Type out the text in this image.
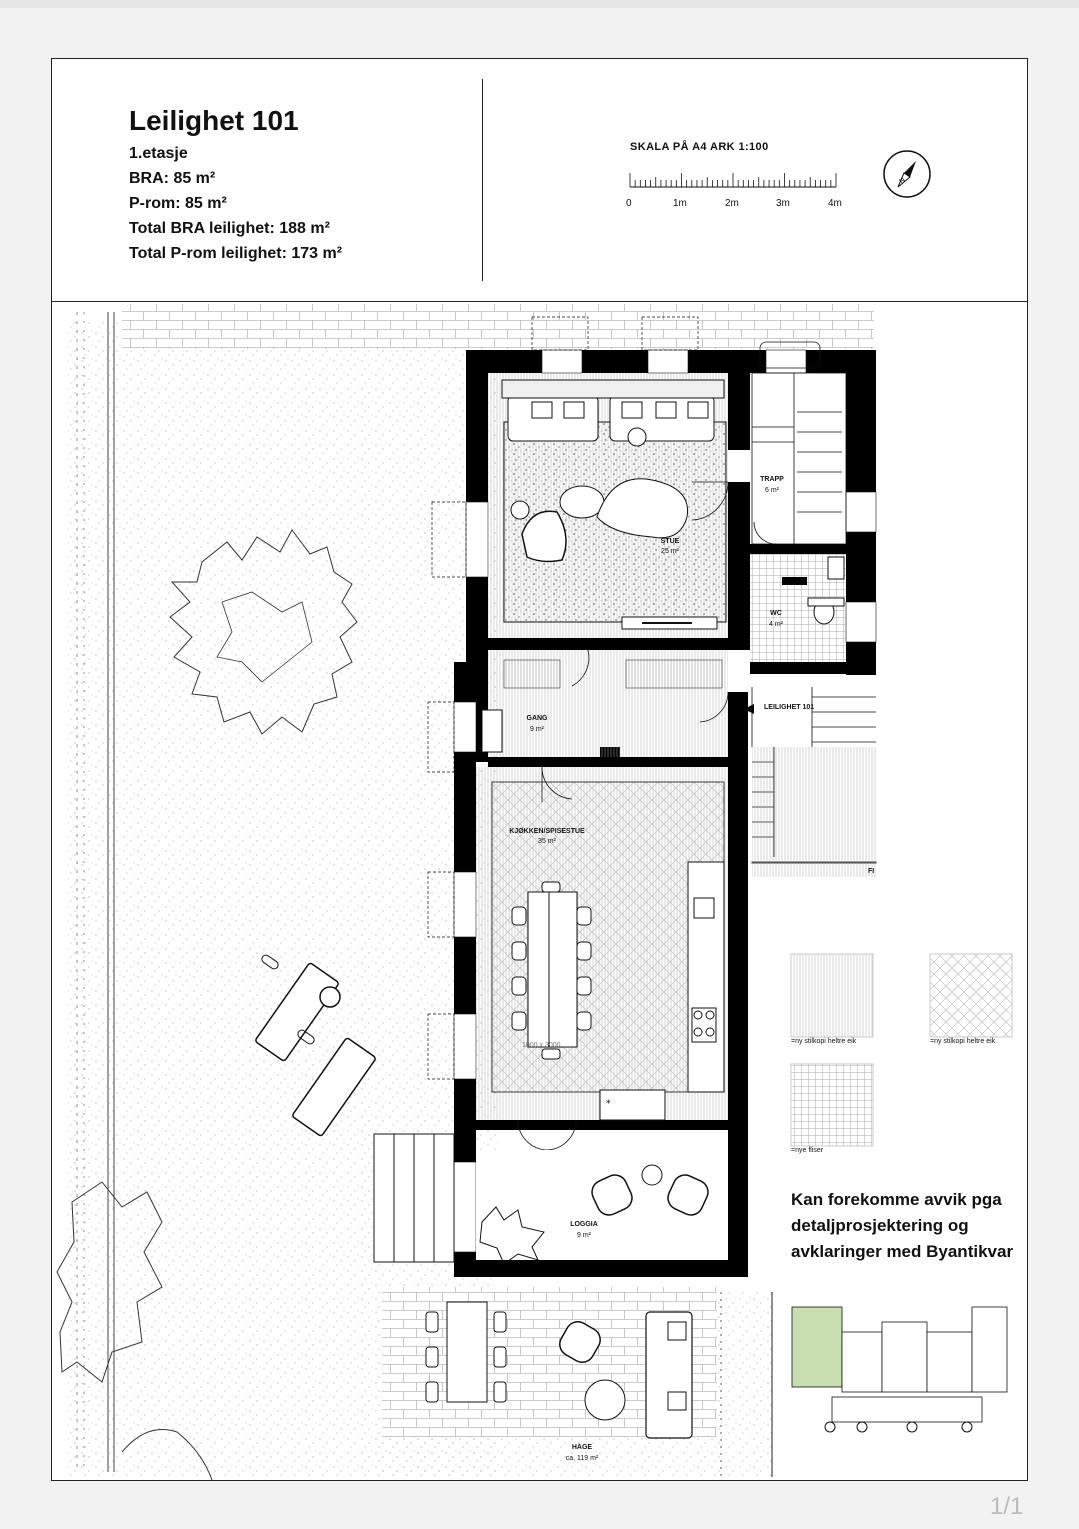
Leilighet 101
1.etasje
BRA: 85 m²
P-rom: 85 m²
Total BRA leilighet: 188 m²
Total P-rom leilighet: 173 m²
SKALA PÅ A4 ARK 1:100
0	1m	2m	3m	4m
N
*
STUE
25 m²
TRAPP
6 m²
WC
4 m²
GANG
9 m²
KJØKKEN/SPISESTUE
35 m²
LOGGIA
9 m²
HAGE
ca. 119 m²
LEILIGHET 101
FI
1000 x 3000
=ny stilkopi heltre eik	=ny stilkopi heltre eik
=nye fliser
Kan forekomme avvik pga detaljprosjektering og avklaringer med Byantikvar
1/1
